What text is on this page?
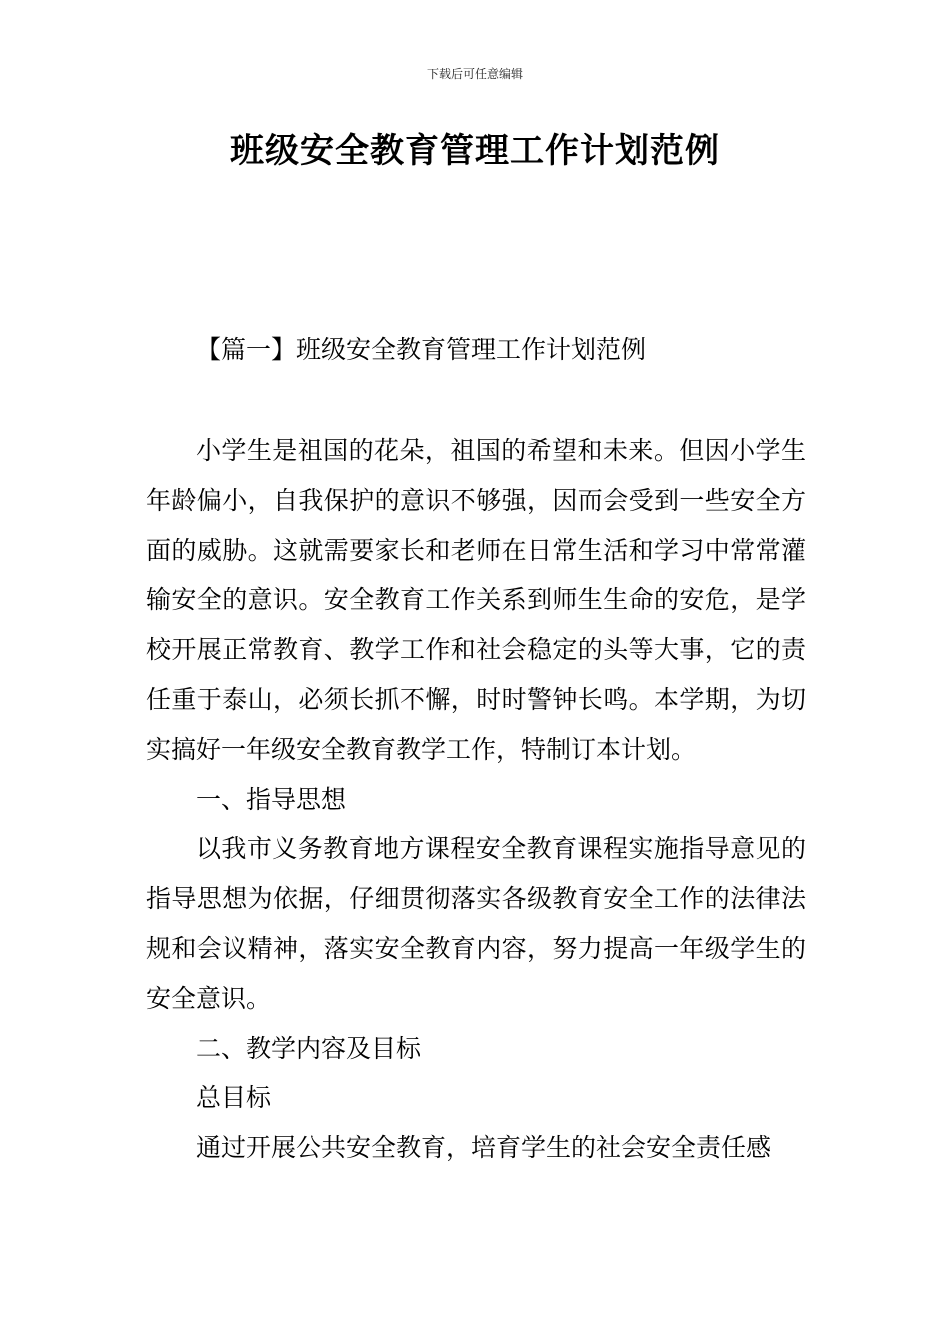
下载后可任意编辑
班级安全教育管理工作计划范例
【篇一】班级安全教育管理工作计划范例

小学生是祖国的花朵，祖国的希望和未来。但因小学生年龄偏小，自我保护的意识不够强，因而会受到一些安全方面的威胁。这就需要家长和老师在日常生活和学习中常常灌输安全的意识。安全教育工作关系到师生生命的安危，是学校开展正常教育、教学工作和社会稳定的头等大事，它的责任重于泰山，必须长抓不懈，时时警钟长鸣。本学期，为切实搞好一年级安全教育教学工作，特制订本计划。

一、指导思想

以我市义务教育地方课程安全教育课程实施指导意见的指导思想为依据，仔细贯彻落实各级教育安全工作的法律法规和会议精神，落实安全教育内容，努力提高一年级学生的安全意识。

二、教学内容及目标

总目标

通过开展公共安全教育，培育学生的社会安全责任感
